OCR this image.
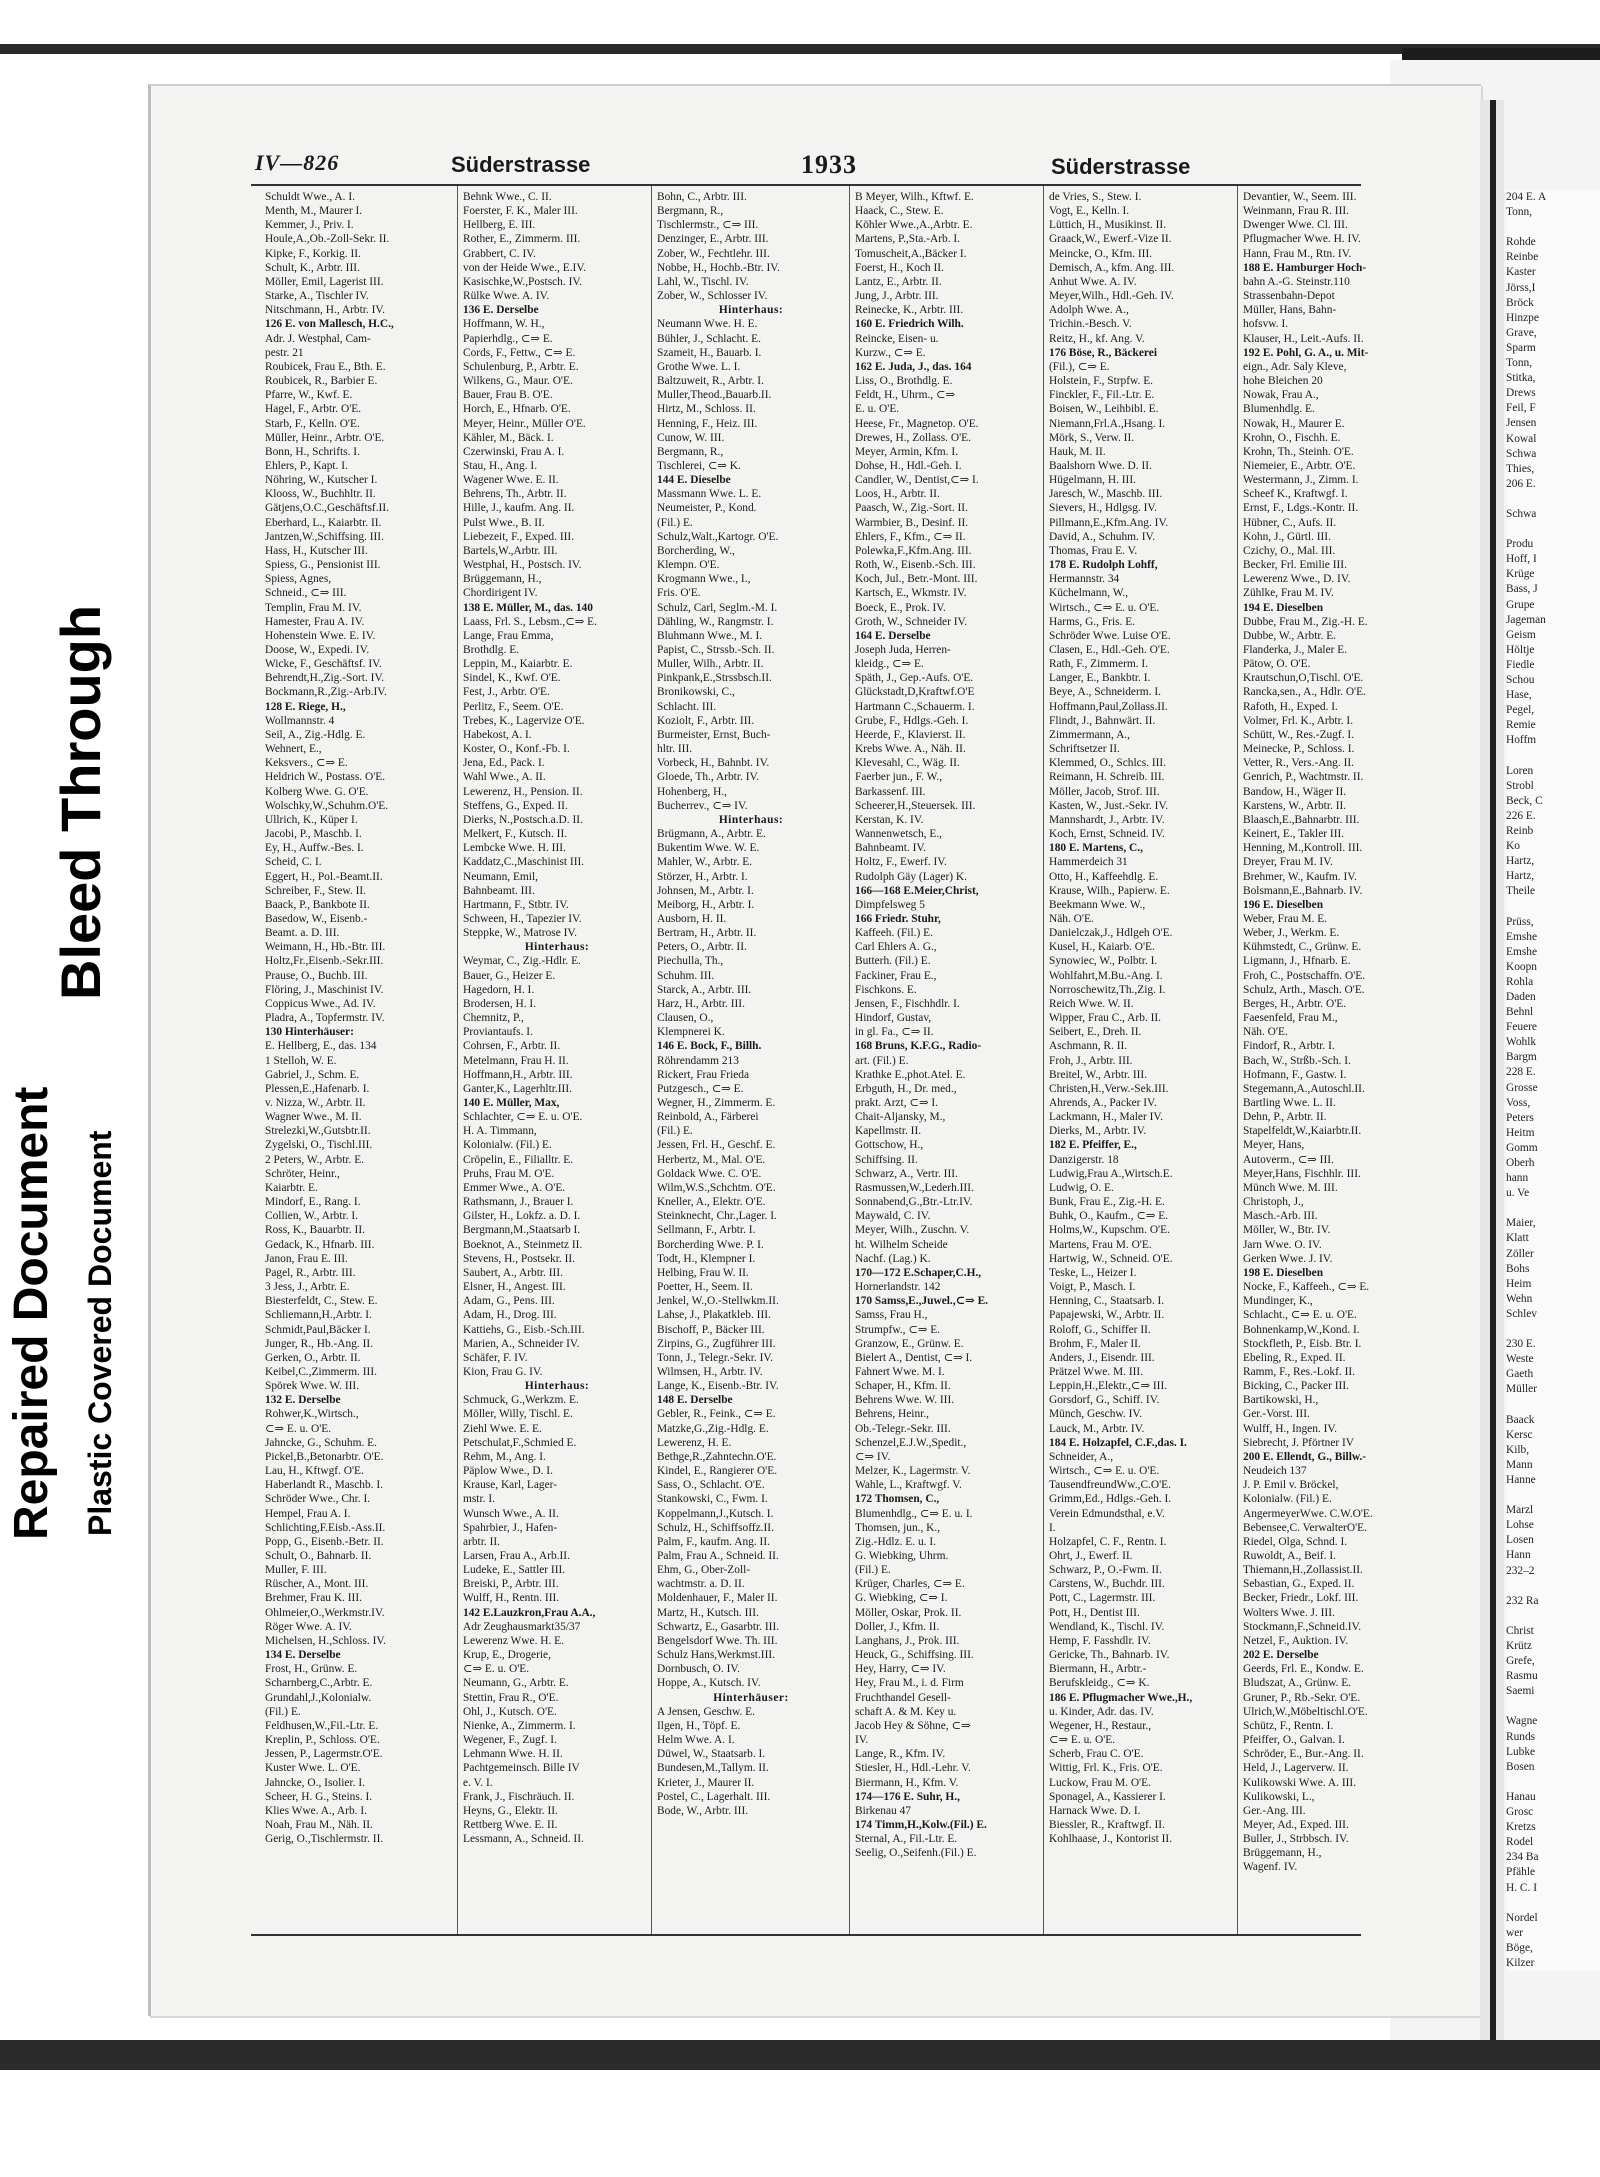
Repaired Document Plastic Covered Document
Bleed Through
IV—826	Süderstrasse	1933	Süderstrasse
Schuldt Wwe., A. I.
Menth, M., Maurer I.
Kemmer, J., Priv. I.
Houle,A.,Ob.-Zoll-Sekr. II.
Kipke, F., Korkig. II.
Schult, K., Arbtr. III.
Möller, Emil, Lagerist III.
Starke, A., Tischler IV.
Nitschmann, H., Arbtr. IV.
126 E. von Mallesch, H.C.,
Adr. J. Westphal, Cam-
pestr. 21
Roubicek, Frau E., Bth. E.
Roubicek, R., Barbier E.
Pfarre, W., Kwf. E.
Hagel, F., Arbtr. O'E.
Starb, F., Kelln. O'E.
Müller, Heinr., Arbtr. O'E.
Bonn, H., Schrifts. I.
Ehlers, P., Kapt. I.
Nöhring, W., Kutscher I.
Klooss, W., Buchhltr. II.
Gätjens,O.C.,Geschäftsf.II.
Eberhard, L., Kaiarbtr. II.
Jantzen,W.,Schiffsing. III.
Hass, H., Kutscher III.
Spiess, G., Pensionist III.
Spiess, Agnes,
Schneid., ⊂⇒ III.
Templin, Frau M. IV.
Hamester, Frau A. IV.
Hohenstein Wwe. E. IV.
Doose, W., Expedi. IV.
Wicke, F., Geschäftsf. IV.
Behrendt,H.,Zig.-Sort. IV.
Bockmann,R.,Zig.-Arb.IV.
128 E. Riege, H.,
Wollmannstr. 4
Seil, A., Zig.-Hdlg. E.
Wehnert, E.,
Keksvers., ⊂⇒ E.
Heldrich W., Postass. O'E.
Kolberg Wwe. G. O'E.
Wolschky,W.,Schuhm.O'E.
Ullrich, K., Küper I.
Jacobi, P., Maschb. I.
Ey, H., Auffw.-Bes. I.
Scheid, C. I.
Eggert, H., Pol.-Beamt.II.
Schreiber, F., Stew. II.
Baack, P., Bankbote II.
Basedow, W., Eisenb.-
Beamt. a. D. III.
Weimann, H., Hb.-Btr. III.
Holtz,Fr.,Eisenb.-Sekr.III.
Prause, O., Buchb. III.
Flöring, J., Maschinist IV.
Coppicus Wwe., Ad. IV.
Pladra, A., Topfermstr. IV.
130 Hinterhäuser:
E. Hellberg, E., das. 134
1 Stelloh, W. E.
Gabriel, J., Schm. E.
Plessen,E.,Hafenarb. I.
v. Nizza, W., Arbtr. II.
Wagner Wwe., M. II.
Strelezki,W.,Gutsbtr.II.
Zygelski, O., Tischl.III.
2 Peters, W., Arbtr. E.
Schröter, Heinr.,
Kaiarbtr. E.
Mindorf, E., Rang. I.
Collien, W., Arbtr. I.
Ross, K., Bauarbtr. II.
Gedack, K., Hfnarb. III.
Janon, Frau E. III.
Pagel, R., Arbtr. III.
3 Jess, J., Arbtr. E.
Biesterfeldt, C., Stew. E.
Schliemann,H.,Arbtr. I.
Schmidt,Paul,Bäcker I.
Junger, R., Hb.-Ang. II.
Gerken, O., Arbtr. II.
Keibel,C.,Zimmerm. III.
Spörek Wwe. W. III.
132 E. Derselbe
Rohwer,K.,Wirtsch.,
⊂⇒ E. u. O'E.
Jahncke, G., Schuhm. E.
Pickel,B.,Betonarbtr. O'E.
Lau, H., Kftwgf. O'E.
Haberlandt R., Maschb. I.
Schröder Wwe., Chr. I.
Hempel, Frau A. I.
Schlichting,F.Eisb.-Ass.II.
Popp, G., Eisenb.-Betr. II.
Schult, O., Bahnarb. II.
Muller, F. III.
Rüscher, A., Mont. III.
Brehmer, Frau K. III.
Ohlmeier,O.,Werkmstr.IV.
Röger Wwe. A. IV.
Michelsen, H.,Schloss. IV.
134 E. Derselbe
Frost, H., Grünw. E.
Scharnberg,C.,Arbtr. E.
Grundahl,J.,Kolonialw.
(Fil.) E.
Feldhusen,W.,Fil.-Ltr. E.
Kreplin, P., Schloss. O'E.
Jessen, P., Lagermstr.O'E.
Kuster Wwe. L. O'E.
Jahncke, O., Isolier. I.
Scheer, H. G., Steins. I.
Klies Wwe. A., Arb. I.
Noah, Frau M., Näh. II.
Gerig, O.,Tischlermstr. II.
Behnk Wwe., C. II.
Foerster, F. K., Maler III.
Hellberg, E. III.
Rother, E., Zimmerm. III.
Grabbert, C. IV.
von der Heide Wwe., E.IV.
Kasischke,W.,Postsch. IV.
Rülke Wwe. A. IV.
136 E. Derselbe
Hoffmann, W. H.,
Papierhdlg., ⊂⇒ E.
Cords, F., Fettw., ⊂⇒ E.
Schulenburg, P., Arbtr. E.
Wilkens, G., Maur. O'E.
Bauer, Frau B. O'E.
Horch, E., Hfnarb. O'E.
Meyer, Heinr., Müller O'E.
Kähler, M., Bäck. I.
Czerwinski, Frau A. I.
Stau, H., Ang. I.
Wagener Wwe. E. II.
Behrens, Th., Arbtr. II.
Hille, J., kaufm. Ang. II.
Pulst Wwe., B. II.
Liebezeit, F., Exped. III.
Bartels,W.,Arbtr. III.
Westphal, H., Postsch. IV.
Brüggemann, H.,
Chordirigent IV.
138 E. Müller, M., das. 140
Laass, Frl. S., Lebsm.,⊂⇒ E.
Lange, Frau Emma,
Brothdlg. E.
Leppin, M., Kaiarbtr. E.
Sindel, K., Kwf. O'E.
Fest, J., Arbtr. O'E.
Perlitz, F., Seem. O'E.
Trebes, K., Lagervize O'E.
Habekost, A. I.
Koster, O., Konf.-Fb. I.
Jena, Ed., Pack. I.
Wahl Wwe., A. II.
Lewerenz, H., Pension. II.
Steffens, G., Exped. II.
Dierks, N.,Postsch.a.D. II.
Melkert, F., Kutsch. II.
Lembcke Wwe. H. III.
Kaddatz,C.,Maschinist III.
Neumann, Emil,
Bahnbeamt. III.
Hartmann, F., Stbtr. IV.
Schween, H., Tapezier IV.
Steppke, W., Matrose IV.
Hinterhaus:
Weymar, C., Zig.-Hdlr. E.
Bauer, G., Heizer E.
Hagedorn, H. I.
Brodersen, H. I.
Chemnitz, P.,
Proviantaufs. I.
Cohrsen, F., Arbtr. II.
Metelmann, Frau H. II.
Hoffmann,H., Arbtr. III.
Ganter,K., Lagerhltr.III.
140 E. Müller, Max,
Schlachter, ⊂⇒ E. u. O'E.
H. A. Timmann,
Kolonialw. (Fil.) E.
Cröpelin, E., Filialltr. E.
Pruhs, Frau M. O'E.
Emmer Wwe., A. O'E.
Rathsmann, J., Brauer I.
Gilster, H., Lokfz. a. D. I.
Bergmann,M.,Staatsarb I.
Boeknot, A., Steinmetz II.
Stevens, H., Postsekr. II.
Saubert, A., Arbtr. III.
Elsner, H., Angest. III.
Adam, G., Pens. III.
Adam, H., Drog. III.
Kattiehs, G., Eisb.-Sch.III.
Marien, A., Schneider IV.
Schäfer, F. IV.
Kion, Frau G. IV.
Hinterhaus:
Schmuck, G.,Werkzm. E.
Möller, Willy, Tischl. E.
Ziehl Wwe. E. E.
Petschulat,F.,Schmied E.
Rehm, M., Ang. I.
Päplow Wwe., D. I.
Krause, Karl, Lager-
mstr. I.
Wunsch Wwe., A. II.
Spahrbier, J., Hafen-
arbtr. II.
Larsen, Frau A., Arb.II.
Ludeke, E., Sattler III.
Breiski, P., Arbtr. III.
Wulff, H., Rentn. III.
142 E.Lauzkron,Frau A.A.,
Adr Zeughausmarkt35/37
Lewerenz Wwe. H. E.
Krup, E., Drogerie,
⊂⇒ E. u. O'E.
Neumann, G., Arbtr. E.
Stettin, Frau R., O'E.
Ohl, J., Kutsch. O'E.
Nienke, A., Zimmerm. I.
Wegener, F., Zugf. I.
Lehmann Wwe. H. II.
Pachtgemeinsch. Bille IV
e. V. I.
Frank, J., Fischräuch. II.
Heyns, G., Elektr. II.
Rettberg Wwe. E. II.
Lessmann, A., Schneid. II.
Bohn, C., Arbtr. III.
Bergmann, R.,
Tischlermstr., ⊂⇒ III.
Denzinger, E., Arbtr. III.
Zober, W., Fechtlehr. III.
Nobbe, H., Hochb.-Btr. IV.
Lahl, W., Tischl. IV.
Zober, W., Schlosser IV.
Hinterhaus:
Neumann Wwe. H. E.
Bühler, J., Schlacht. E.
Szameit, H., Bauarb. I.
Grothe Wwe. L. I.
Baltzuweit, R., Arbtr. I.
Muller,Theod.,Bauarb.II.
Hirtz, M., Schloss. II.
Henning, F., Heiz. III.
Cunow, W. III.
Bergmann, R.,
Tischlerei, ⊂⇒ K.
144 E. Dieselbe
Massmann Wwe. L. E.
Neumeister, P., Kond.
(Fil.) E.
Schulz,Walt.,Kartogr. O'E.
Borcherding, W.,
Klempn. O'E.
Krogmann Wwe., I.,
Fris. O'E.
Schulz, Carl, Seglm.-M. I.
Dähling, W., Rangmstr. I.
Bluhmann Wwe., M. I.
Papist, C., Strssb.-Sch. II.
Muller, Wilh., Arbtr. II.
Pinkpank,E.,Strssbsch.II.
Bronikowski, C.,
Schlacht. III.
Koziolt, F., Arbtr. III.
Burmeister, Ernst, Buch-
hltr. III.
Vorbeck, H., Bahnbt. IV.
Gloede, Th., Arbtr. IV.
Hohenberg, H.,
Bucherrev., ⊂⇒ IV.
Hinterhaus:
Brügmann, A., Arbtr. E.
Bukentim Wwe. W. E.
Mahler, W., Arbtr. E.
Störzer, H., Arbtr. I.
Johnsen, M., Arbtr. I.
Meiborg, H., Arbtr. I.
Ausborn, H. II.
Bertram, H., Arbtr. II.
Peters, O., Arbtr. II.
Piechulla, Th.,
Schuhm. III.
Starck, A., Arbtr. III.
Harz, H., Arbtr. III.
Clausen, O.,
Klempnerei K.
146 E. Bock, F., Billh.
Röhrendamm 213
Rickert, Frau Frieda
Putzgesch., ⊂⇒ E.
Wegner, H., Zimmerm. E.
Reinbold, A., Färberei
(Fil.) E.
Jessen, Frl. H., Geschf. E.
Herbertz, M., Mal. O'E.
Goldack Wwe. C. O'E.
Wilm,W.S.,Schchtm. O'E.
Kneller, A., Elektr. O'E.
Steinknecht, Chr.,Lager. I.
Sellmann, F., Arbtr. I.
Borcherding Wwe. P. I.
Todt, H., Klempner I.
Helbing, Frau W. II.
Poetter, H., Seem. II.
Jenkel, W.,O.-Stellwkm.II.
Lahse, J., Plakatkleb. III.
Bischoff, P., Bäcker III.
Zirpins, G., Zugführer III.
Tonn, J., Telegr.-Sekr. IV.
Wilmsen, H., Arbtr. IV.
Lange, K., Eisenb.-Btr. IV.
148 E. Derselbe
Gebler, R., Feink., ⊂⇒ E.
Matzke,G.,Zig.-Hdlg. E.
Lewerenz, H. E.
Bethge,R.,Zahntechn.O'E.
Kindel, E., Rangierer O'E.
Sass, O., Schlacht. O'E.
Stankowski, C., Fwm. I.
Koppelmann,J.,Kutsch. I.
Schulz, H., Schiffsoffz.II.
Palm, F., kaufm. Ang. II.
Palm, Frau A., Schneid. II.
Ehm, G., Ober-Zoll-
wachtmstr. a. D. II.
Moldenhauer, F., Maler II.
Martz, H., Kutsch. III.
Schwartz, E., Gasarbtr. III.
Bengelsdorf Wwe. Th. III.
Schulz Hans,Werkmst.III.
Dornbusch, O. IV.
Hoppe, A., Kutsch. IV.
Hinterhäuser:
A Jensen, Geschw. E.
Ilgen, H., Töpf. E.
Helm Wwe. A. I.
Düwel, W., Staatsarb. I.
Bundesen,M.,Tallym. II.
Krieter, J., Maurer II.
Postel, C., Lagerhalt. III.
Bode, W., Arbtr. III.
B Meyer, Wilh., Kftwf. E.
Haack, C., Stew. E.
Köhler Wwe.,A.,Arbtr. E.
Martens, P.,Sta.-Arb. I.
Tomuscheit,A.,Bäcker I.
Foerst, H., Koch II.
Lantz, E., Arbtr. II.
Jung, J., Arbtr. III.
Reinecke, K., Arbtr. III.
160 E. Friedrich Wilh.
Reincke, Eisen- u.
Kurzw., ⊂⇒ E.
162 E. Juda, J., das. 164
Liss, O., Brothdlg. E.
Feldt, H., Uhrm., ⊂⇒
E. u. O'E.
Heese, Fr., Magnetop. O'E.
Drewes, H., Zollass. O'E.
Meyer, Armin, Kfm. I.
Dohse, H., Hdl.-Geh. I.
Candler, W., Dentist,⊂⇒ I.
Loos, H., Arbtr. II.
Paasch, W., Zig.-Sort. II.
Warmbier, B., Desinf. II.
Ehlers, F., Kfm., ⊂⇒ II.
Polewka,F.,Kfm.Ang. III.
Roth, W., Eisenb.-Sch. III.
Koch, Jul., Betr.-Mont. III.
Kartsch, E., Wkmstr. IV.
Boeck, E., Prok. IV.
Groth, W., Schneider IV.
164 E. Derselbe
Joseph Juda, Herren-
kleidg., ⊂⇒ E.
Späth, J., Gep.-Aufs. O'E.
Glückstadt,D,Kraftwf.O'E
Hartmann C.,Schauerm. I.
Grube, F., Hdlgs.-Geh. I.
Heerde, F., Klavierst. II.
Krebs Wwe. A., Näh. II.
Klevesahl, C., Wäg. II.
Faerber jun., F. W.,
Barkassenf. III.
Scheerer,H.,Steuersek. III.
Kerstan, K. IV.
Wannenwetsch, E.,
Bahnbeamt. IV.
Holtz, F., Ewerf. IV.
Rudolph Gäy (Lager) K.
166—168 E.Meier,Christ,
Dimpfelsweg 5
166 Friedr. Stuhr,
Kaffeeh. (Fil.) E.
Carl Ehlers A. G.,
Butterh. (Fil.) E.
Fackiner, Frau E.,
Fischkons. E.
Jensen, F., Fischhdlr. I.
Hindorf, Gustav,
in gl. Fa., ⊂⇒ II.
168 Bruns, K.F.G., Radio-
art. (Fil.) E.
Krathke E.,phot.Atel. E.
Erbguth, H., Dr. med.,
prakt. Arzt, ⊂⇒ I.
Chait-Aljansky, M.,
Kapellmstr. II.
Gottschow, H.,
Schiffsing. II.
Schwarz, A., Vertr. III.
Rasmussen,W.,Lederh.III.
Sonnabend,G.,Btr.-Ltr.IV.
Maywald, C. IV.
Meyer, Wilh., Zuschn. V.
ht. Wilhelm Scheide
Nachf. (Lag.) K.
170—172 E.Schaper,C.H.,
Hornerlandstr. 142
170 Samss,E.,Juwel.,⊂⇒ E.
Samss, Frau H.,
Strumpfw., ⊂⇒ E.
Granzow, E., Grünw. E.
Bielert A., Dentist, ⊂⇒ I.
Fahnert Wwe. M. I.
Schaper, H., Kfm. II.
Behrens Wwe. W. III.
Behrens, Heinr.,
Ob.-Telegr.-Sekr. III.
Schenzel,E.J.W.,Spedit.,
⊂⇒ IV.
Melzer, K., Lagermstr. V.
Wahle, L., Kraftwgf. V.
172 Thomsen, C.,
Blumenhdlg., ⊂⇒ E. u. I.
Thomsen, jun., K.,
Zig.-Hdlz. E. u. I.
G. Wiebking, Uhrm.
(Fil.) E.
Krüger, Charles, ⊂⇒ E.
G. Wiebking, ⊂⇒ I.
Möller, Oskar, Prok. II.
Doller, J., Kfm. II.
Langhans, J., Prok. III.
Heuck, G., Schiffsing. III.
Hey, Harry, ⊂⇒ IV.
Hey, Frau M., i. d. Firm
Fruchthandel Gesell-
schaft A. & M. Key u.
Jacob Hey & Söhne, ⊂⇒
IV.
Lange, R., Kfm. IV.
Stiesler, H., Hdl.-Lehr. V.
Biermann, H., Kfm. V.
174—176 E. Suhr, H.,
Birkenau 47
174 Timm,H.,Kolw.(Fil.) E.
Sternal, A., Fil.-Ltr. E.
Seelig, O.,Seifenh.(Fil.) E.
de Vries, S., Stew. I.
Vogt, E., Kelln. I.
Lüttich, H., Musikinst. II.
Graack,W., Ewerf.-Vize II.
Meincke, O., Kfm. III.
Demisch, A., kfm. Ang. III.
Anhut Wwe. A. IV.
Meyer,Wilh., Hdl.-Geh. IV.
Adolph Wwe. A.,
Trichin.-Besch. V.
Reitz, H., kf. Ang. V.
176 Böse, R., Bäckerei
(Fil.), ⊂⇒ E.
Holstein, F., Strpfw. E.
Finckler, F., Fil.-Ltr. E.
Boisen, W., Leihbibl. E.
Niemann,Frl.A.,Hsang. I.
Mörk, S., Verw. II.
Hauk, M. II.
Baalshorn Wwe. D. II.
Hügelmann, H. III.
Jaresch, W., Maschb. III.
Sievers, H., Hdlgsg. IV.
Pillmann,E.,Kfm.Ang. IV.
David, A., Schuhm. IV.
Thomas, Frau E. V.
178 E. Rudolph Lohff,
Hermannstr. 34
Küchelmann, W.,
Wirtsch., ⊂⇒ E. u. O'E.
Harms, G., Fris. E.
Schröder Wwe. Luise O'E.
Clasen, E., Hdl.-Geh. O'E.
Rath, F., Zimmerm. I.
Langer, E., Bankbtr. I.
Beye, A., Schneiderm. I.
Hoffmann,Paul,Zollass.II.
Flindt, J., Bahnwärt. II.
Zimmermann, A.,
Schriftsetzer II.
Klemmed, O., Schlcs. III.
Reimann, H. Schreib. III.
Möller, Jacob, Strof. III.
Kasten, W., Just.-Sekr. IV.
Mannshardt, J., Arbtr. IV.
Koch, Ernst, Schneid. IV.
180 E. Martens, C.,
Hammerdeich 31
Otto, H., Kaffeehdlg. E.
Krause, Wilh., Papierw. E.
Beekmann Wwe. W.,
Näh. O'E.
Danielczak,J., Hdlgeh O'E.
Kusel, H., Kaiarb. O'E.
Synowiec, W., Polbtr. I.
Wohlfahrt,M.Bu.-Ang. I.
Norroschewitz,Th.,Zig. I.
Reich Wwe. W. II.
Wipper, Frau C., Arb. II.
Seibert, E., Dreh. II.
Aschmann, R. II.
Froh, J., Arbtr. III.
Breitel, W., Arbtr. III.
Christen,H.,Verw.-Sek.III.
Ahrends, A., Packer IV.
Lackmann, H., Maler IV.
Dierks, M., Arbtr. IV.
182 E. Pfeiffer, E.,
Danzigerstr. 18
Ludwig,Frau A.,Wirtsch.E.
Ludwig, O. E.
Bunk, Frau E., Zig.-H. E.
Buhk, O., Kaufm., ⊂⇒ E.
Holms,W., Kupschm. O'E.
Martens, Frau M. O'E.
Hartwig, W., Schneid. O'E.
Teske, L., Heizer I.
Voigt, P., Masch. I.
Henning, C., Staatsarb. I.
Papajewski, W., Arbtr. II.
Roloff, G., Schiffer II.
Brohm, F., Maler II.
Anders, J., Eisendr. III.
Prätzel Wwe. M. III.
Leppin,H.,Elektr.,⊂⇒ III.
Gorsdorf, G., Schiff. IV.
Münch, Geschw. IV.
Lauck, M., Arbtr. IV.
184 E. Holzapfel, C.F.,das. I.
Schneider, A.,
Wirtsch., ⊂⇒ E. u. O'E.
TausendfreundWw.,C.O'E.
Grimm,Ed., Hdlgs.-Geh. I.
Verein Edmundsthal, e.V.
I.
Holzapfel, C. F., Rentn. I.
Ohrt, J., Ewerf. II.
Schwarz, P., O.-Fwm. II.
Carstens, W., Buchdr. III.
Pott, C., Lagermstr. III.
Pott, H., Dentist III.
Wendland, K., Tischl. IV.
Hemp, F. Fasshdlr. IV.
Gericke, Th., Bahnarb. IV.
Biermann, H., Arbtr.-
Berufskleidg., ⊂⇒ K.
186 E. Pflugmacher Wwe.,H.,
u. Kinder, Adr. das. IV.
Wegener, H., Restaur.,
⊂⇒ E. u. O'E.
Scherb, Frau C. O'E.
Wittig, Frl. K., Fris. O'E.
Luckow, Frau M. O'E.
Sponagel, A., Kassierer I.
Harnack Wwe. D. I.
Biessler, R., Kraftwgf. II.
Kohlhaase, J., Kontorist II.
Devantier, W., Seem. III.
Weinmann, Frau R. III.
Dwenger Wwe. Cl. III.
Pflugmacher Wwe. H. IV.
Hann, Frau M., Rtn. IV.
188 E. Hamburger Hoch-
bahn A.-G. Steinstr.110
Strassenbahn-Depot
Müller, Hans, Bahn-
hofsvw. I.
Klauser, H., Leit.-Aufs. II.
192 E. Pohl, G. A., u. Mit-
eign., Adr. Saly Kleve,
hohe Bleichen 20
Nowak, Frau A.,
Blumenhdlg. E.
Nowak, H., Maurer E.
Krohn, O., Fischh. E.
Krohn, Th., Steinh. O'E.
Niemeier, E., Arbtr. O'E.
Westermann, J., Zimm. I.
Scheef K., Kraftwgf. I.
Ernst, F., Ldgs.-Kontr. II.
Hübner, C., Aufs. II.
Kohn, J., Gürtl. III.
Czichy, O., Mal. III.
Becker, Frl. Emilie III.
Lewerenz Wwe., D. IV.
Zühlke, Frau M. IV.
194 E. Dieselben
Dubbe, Frau M., Zig.-H. E.
Dubbe, W., Arbtr. E.
Flanderka, J., Maler E.
Pätow, O. O'E.
Krautschun,O,Tischl. O'E.
Rancka,sen., A., Hdlr. O'E.
Rafoth, H., Exped. I.
Volmer, Frl. K., Arbtr. I.
Schütt, W., Res.-Zugf. I.
Meinecke, P., Schloss. I.
Vetter, R., Vers.-Ang. II.
Genrich, P., Wachtmstr. II.
Bandow, H., Wäger II.
Karstens, W., Arbtr. II.
Blaasch,E.,Bahnarbtr. III.
Keinert, E., Takler III.
Henning, M.,Kontroll. III.
Dreyer, Frau M. IV.
Brehmer, W., Kaufm. IV.
Bolsmann,E.,Bahnarb. IV.
196 E. Dieselben
Weber, Frau M. E.
Weber, J., Werkm. E.
Kühmstedt, C., Grünw. E.
Ligmann, J., Hfnarb. E.
Froh, C., Postschaffn. O'E.
Schulz, Arth., Masch. O'E.
Berges, H., Arbtr. O'E.
Faesenfeld, Frau M.,
Näh. O'E.
Findorf, R., Arbtr. I.
Bach, W., Strßb.-Sch. I.
Hofmann, F., Gastw. I.
Stegemann,A.,Autoschl.II.
Bartling Wwe. L. II.
Dehn, P., Arbtr. II.
Stapelfeldt,W.,Kaiarbtr.II.
Meyer, Hans,
Autoverm., ⊂⇒ III.
Meyer,Hans, Fischhlr. III.
Münch Wwe. M. III.
Christoph, J.,
Masch.-Arb. III.
Möller, W., Btr. IV.
Jarn Wwe. O. IV.
Gerken Wwe. J. IV.
198 E. Dieselben
Nocke, F., Kaffeeh., ⊂⇒ E.
Mundinger, K.,
Schlacht., ⊂⇒ E. u. O'E.
Bohnenkamp,W.,Kond. I.
Stockfleth, P., Eisb. Btr. I.
Ebeling, R., Exped. II.
Ramm, F., Res.-Lokf. II.
Bicking, C., Packer III.
Bartikowski, H.,
Ger.-Vorst. III.
Wulff, H., Ingen. IV.
Siebrecht, J. Pförtner IV
200 E. Ellendt, G., Billw.-
Neudeich 137
J. P. Emil v. Bröckel,
Kolonialw. (Fil.) E.
AngermeyerWwe. C.W.O'E.
Bebensee,C. VerwalterO'E.
Riedel, Olga, Schnd. I.
Ruwoldt, A., Beif. I.
Thiemann,H.,Zollassist.II.
Sebastian, G., Exped. II.
Becker, Friedr., Lokf. III.
Wolters Wwe. J. III.
Stockmann,F.,Schneid.IV.
Netzel, F., Auktion. IV.
202 E. Derselbe
Geerds, Frl. E., Kondw. E.
Bludszat, A., Grünw. E.
Gruner, P., Rb.-Sekr. O'E.
Ulrich,W.,Möbeltischl.O'E.
Schütz, F., Rentn. I.
Pfeiffer, O., Galvan. I.
Schröder, E., Bur.-Ang. II.
Held, J., Lagerverw. II.
Kulikowski Wwe. A. III.
Kulikowski, L.,
Ger.-Ang. III.
Meyer, Ad., Exped. III.
Buller, J., Strbbsch. IV.
Brüggemann, H.,
Wagenf. IV.
204 E. A
Tonn,

Rohde
Reinbe
Kaster
Jörss,I
Bröck
Hinzpe
Grave,
Sparm
Tonn,
Stitka,
Drews
Feil, F
Jensen
Kowal
Schwa
Thies,
206 E.

Schwa

Produ
Hoff, I
Krüge
Bass, J
Grupe
Jageman
Geism
Höltje
Fiedle
Schou
Hase,
Pegel,
Remie
Hoffm

Loren
Strobl
Beck, C
226 E.
Reinb
Ko
Hartz,
Hartz,
Theile

Prüss,
Emshe
Emshe
Koopn
Rohla
Daden
Behnl
Feuere
Wohlk
Bargm
228 E.
Grosse
Voss,
Peters
Heitm
Gomm
Oberh
hann
u. Ve

Maier,
Klatt
Zöller
Bohs
Heim
Wehn
Schlev

230 E.
Weste
Gaeth
Müller

Baack
Kersc
Kilb,
Mann
Hanne

Marzl
Lohse
Losen
Hann
232–2

232 Ra

Christ
Krütz
Grefe,
Rasmu
Saemi

Wagne
Runds
Lubke
Bosen

Hanau
Grosc
Kretzs
Rodel
234 Ba
Pfähle
H. C. I

Nordel
wer
Böge,
Kilzer
